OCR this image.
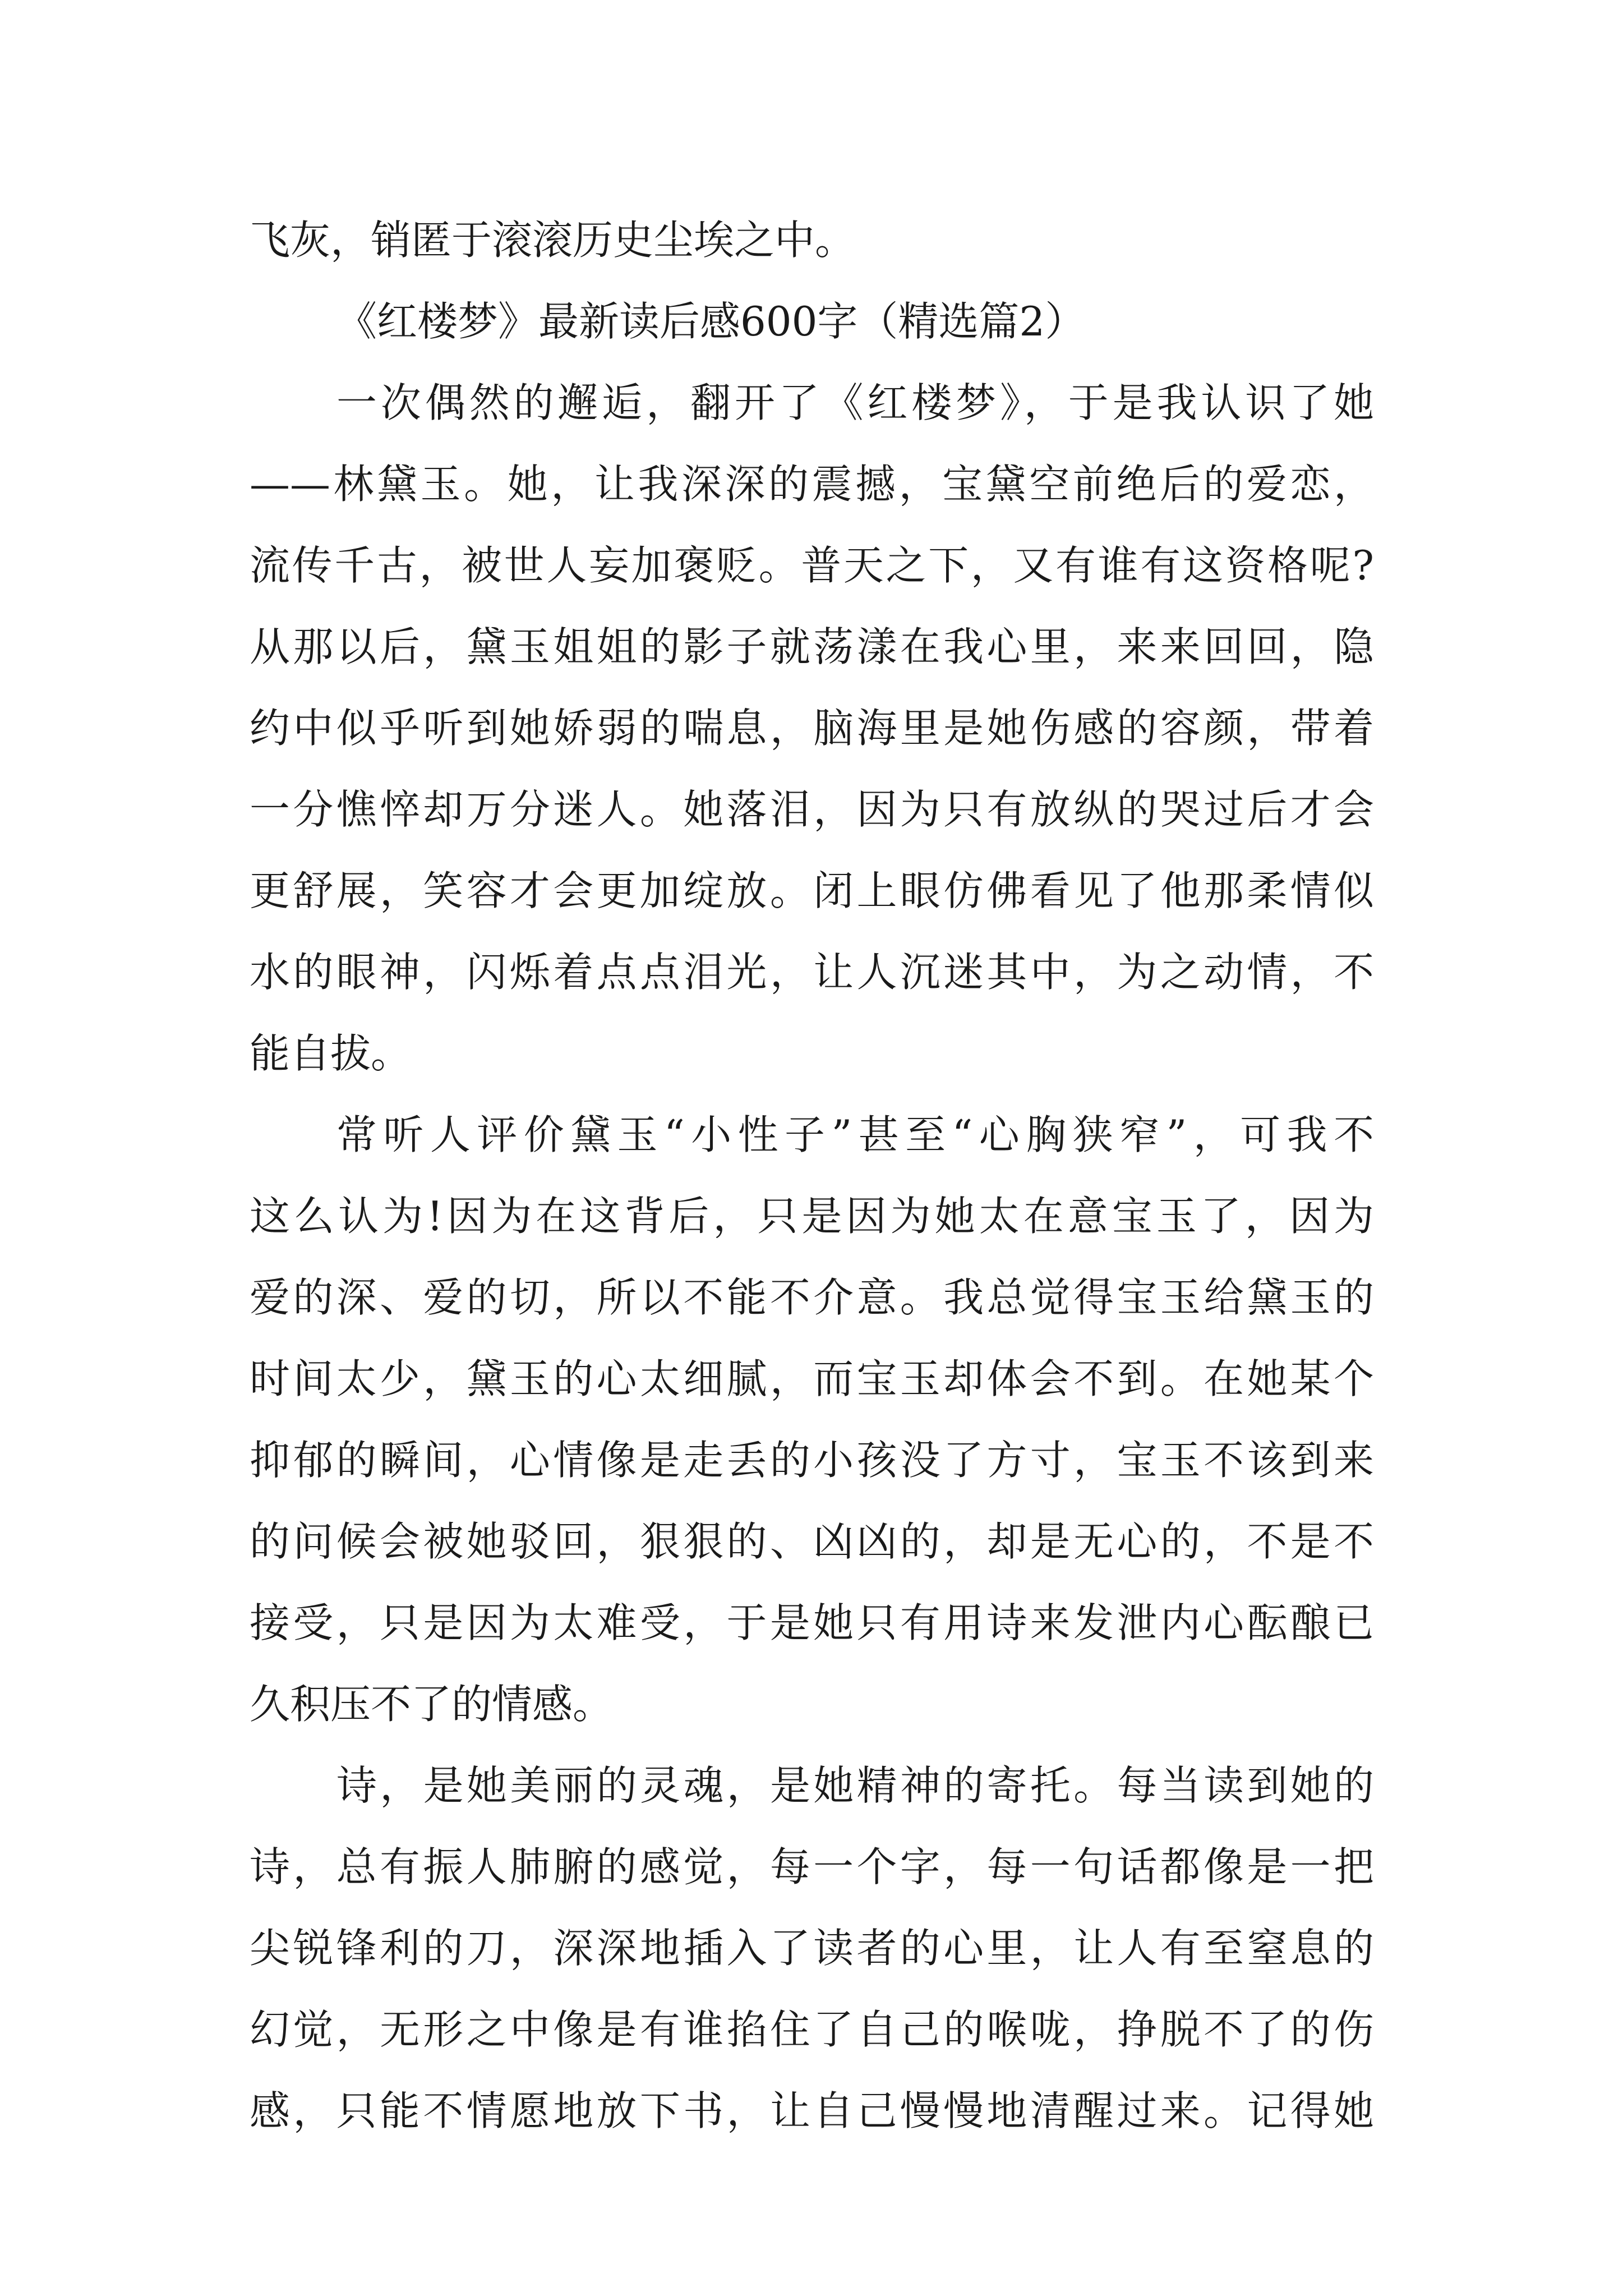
飞灰，销匿于滚滚历史尘埃之中。

《红楼梦》最新读后感600字（精选篇2）

一次偶然的邂逅，翻开了《红楼梦》，于是我认识了她

——林黛玉。她，让我深深的震撼，宝黛空前绝后的爱恋，

流传千古，被世人妄加褒贬。普天之下，又有谁有这资格呢?

从那以后，黛玉姐姐的影子就荡漾在我心里，来来回回，隐

约中似乎听到她娇弱的喘息，脑海里是她伤感的容颜，带着

一分憔悴却万分迷人。她落泪，因为只有放纵的哭过后才会

更舒展，笑容才会更加绽放。闭上眼仿佛看见了他那柔情似

水的眼神，闪烁着点点泪光，让人沉迷其中，为之动情，不

能自拔。

常听人评价黛玉“小性子”甚至“心胸狭窄”，可我不

这么认为!因为在这背后，只是因为她太在意宝玉了，因为

爱的深、爱的切，所以不能不介意。我总觉得宝玉给黛玉的

时间太少，黛玉的心太细腻，而宝玉却体会不到。在她某个

抑郁的瞬间，心情像是走丢的小孩没了方寸，宝玉不该到来

的问候会被她驳回，狠狠的、凶凶的，却是无心的，不是不

接受，只是因为太难受，于是她只有用诗来发泄内心酝酿已

久积压不了的情感。

诗，是她美丽的灵魂，是她精神的寄托。每当读到她的

诗，总有振人肺腑的感觉，每一个字，每一句话都像是一把

尖锐锋利的刀，深深地插入了读者的心里，让人有至窒息的

幻觉，无形之中像是有谁掐住了自己的喉咙，挣脱不了的伤

感，只能不情愿地放下书，让自己慢慢地清醒过来。记得她
